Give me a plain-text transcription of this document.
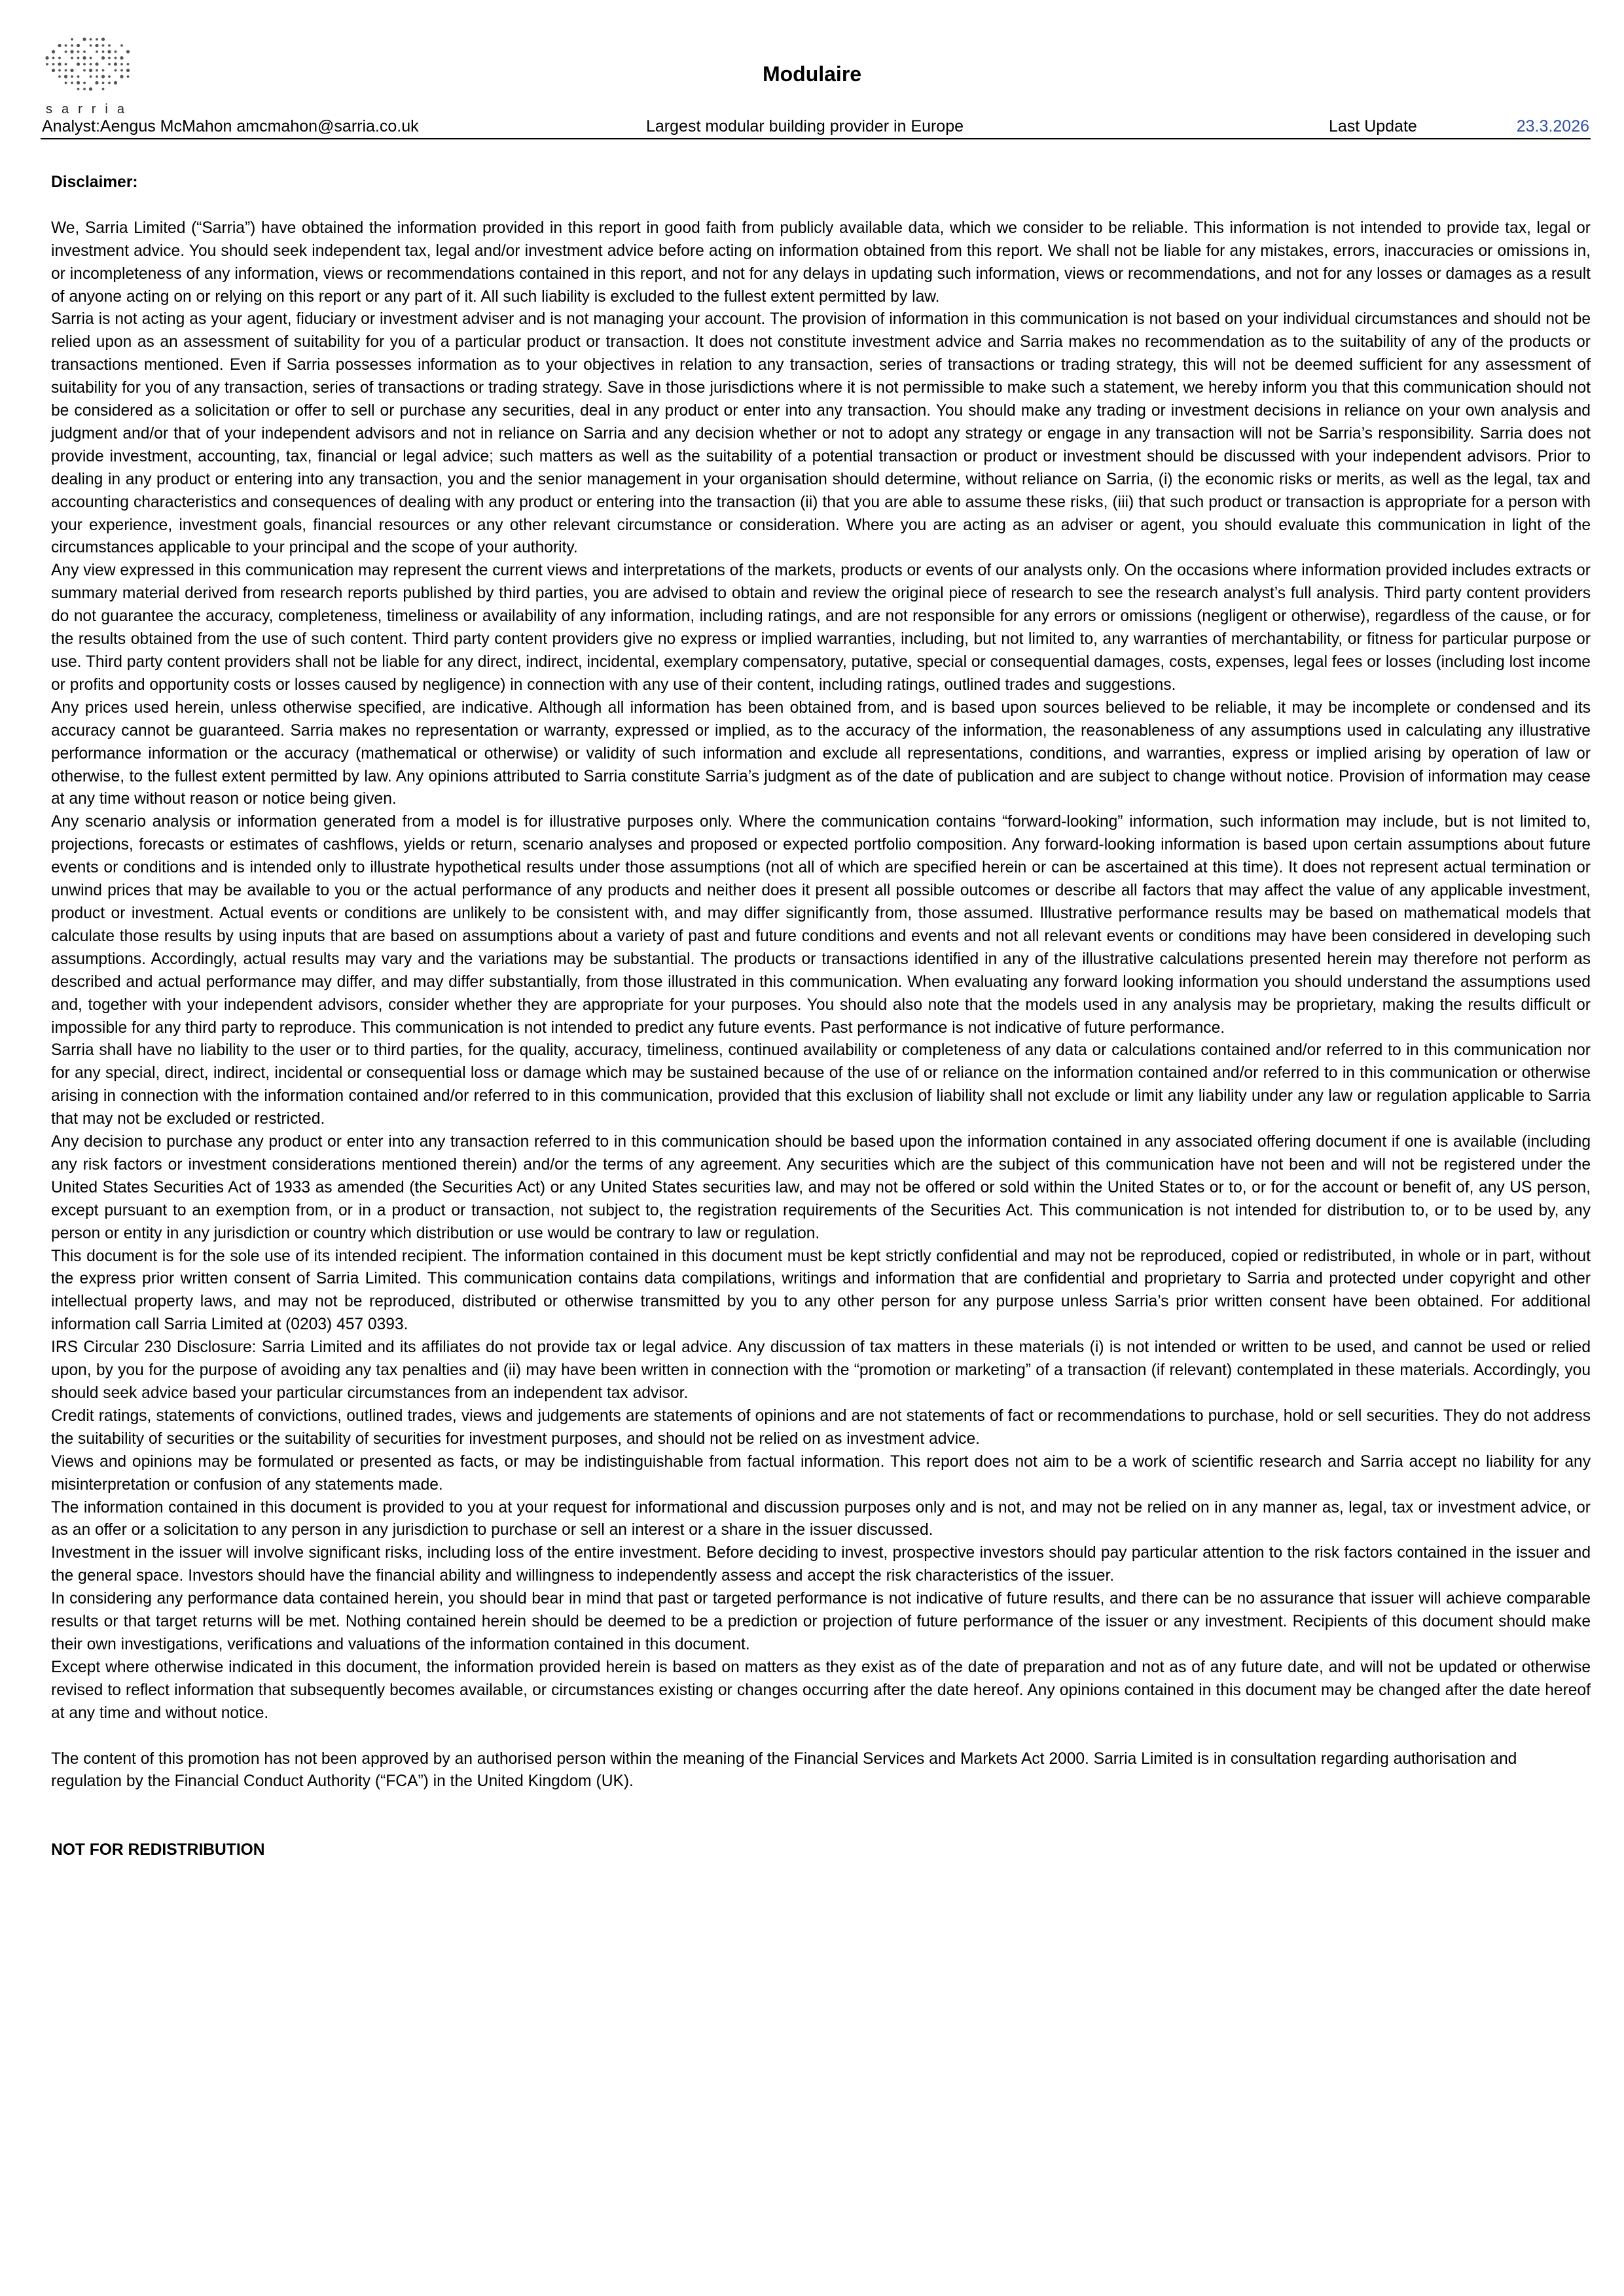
sarria
Modulaire
Analyst:Aengus McMahon amcmahon@sarria.co.uk	Largest modular building provider in Europe	Last Update	23.3.2026

Disclaimer:

We, Sarria Limited (“Sarria”) have obtained the information provided in this report in good faith from publicly available data, which we consider to be reliable. This information is not intended to provide tax, legal or investment advice. You should seek independent tax, legal and/or investment advice before acting on information obtained from this report. We shall not be liable for any mistakes, errors, inaccuracies or omissions in, or incompleteness of any information, views or recommendations contained in this report, and not for any delays in updating such information, views or recommendations, and not for any losses or damages as a result of anyone acting on or relying on this report or any part of it. All such liability is excluded to the fullest extent permitted by law.

Sarria is not acting as your agent, fiduciary or investment adviser and is not managing your account. The provision of information in this communication is not based on your individual circumstances and should not be relied upon as an assessment of suitability for you of a particular product or transaction. It does not constitute investment advice and Sarria makes no recommendation as to the suitability of any of the products or transactions mentioned. Even if Sarria possesses information as to your objectives in relation to any transaction, series of transactions or trading strategy, this will not be deemed sufficient for any assessment of suitability for you of any transaction, series of transactions or trading strategy. Save in those jurisdictions where it is not permissible to make such a statement, we hereby inform you that this communication should not be considered as a solicitation or offer to sell or purchase any securities, deal in any product or enter into any transaction. You should make any trading or investment decisions in reliance on your own analysis and judgment and/or that of your independent advisors and not in reliance on Sarria and any decision whether or not to adopt any strategy or engage in any transaction will not be Sarria’s responsibility. Sarria does not provide investment, accounting, tax, financial or legal advice; such matters as well as the suitability of a potential transaction or product or investment should be discussed with your independent advisors. Prior to dealing in any product or entering into any transaction, you and the senior management in your organisation should determine, without reliance on Sarria, (i) the economic risks or merits, as well as the legal, tax and accounting characteristics and consequences of dealing with any product or entering into the transaction (ii) that you are able to assume these risks, (iii) that such product or transaction is appropriate for a person with your experience, investment goals, financial resources or any other relevant circumstance or consideration. Where you are acting as an adviser or agent, you should evaluate this communication in light of the circumstances applicable to your principal and the scope of your authority.

Any view expressed in this communication may represent the current views and interpretations of the markets, products or events of our analysts only. On the occasions where information provided includes extracts or summary material derived from research reports published by third parties, you are advised to obtain and review the original piece of research to see the research analyst’s full analysis. Third party content providers do not guarantee the accuracy, completeness, timeliness or availability of any information, including ratings, and are not responsible for any errors or omissions (negligent or otherwise), regardless of the cause, or for the results obtained from the use of such content. Third party content providers give no express or implied warranties, including, but not limited to, any warranties of merchantability, or fitness for particular purpose or use. Third party content providers shall not be liable for any direct, indirect, incidental, exemplary compensatory, putative, special or consequential damages, costs, expenses, legal fees or losses (including lost income or profits and opportunity costs or losses caused by negligence) in connection with any use of their content, including ratings, outlined trades and suggestions.

Any prices used herein, unless otherwise specified, are indicative. Although all information has been obtained from, and is based upon sources believed to be reliable, it may be incomplete or condensed and its accuracy cannot be guaranteed. Sarria makes no representation or warranty, expressed or implied, as to the accuracy of the information, the reasonableness of any assumptions used in calculating any illustrative performance information or the accuracy (mathematical or otherwise) or validity of such information and exclude all representations, conditions, and warranties, express or implied arising by operation of law or otherwise, to the fullest extent permitted by law. Any opinions attributed to Sarria constitute Sarria’s judgment as of the date of publication and are subject to change without notice. Provision of information may cease at any time without reason or notice being given.

Any scenario analysis or information generated from a model is for illustrative purposes only. Where the communication contains “forward-looking” information, such information may include, but is not limited to, projections, forecasts or estimates of cashflows, yields or return, scenario analyses and proposed or expected portfolio composition. Any forward-looking information is based upon certain assumptions about future events or conditions and is intended only to illustrate hypothetical results under those assumptions (not all of which are specified herein or can be ascertained at this time). It does not represent actual termination or unwind prices that may be available to you or the actual performance of any products and neither does it present all possible outcomes or describe all factors that may affect the value of any applicable investment, product or investment. Actual events or conditions are unlikely to be consistent with, and may differ significantly from, those assumed. Illustrative performance results may be based on mathematical models that calculate those results by using inputs that are based on assumptions about a variety of past and future conditions and events and not all relevant events or conditions may have been considered in developing such assumptions. Accordingly, actual results may vary and the variations may be substantial. The products or transactions identified in any of the illustrative calculations presented herein may therefore not perform as described and actual performance may differ, and may differ substantially, from those illustrated in this communication. When evaluating any forward looking information you should understand the assumptions used and, together with your independent advisors, consider whether they are appropriate for your purposes. You should also note that the models used in any analysis may be proprietary, making the results difficult or impossible for any third party to reproduce. This communication is not intended to predict any future events. Past performance is not indicative of future performance.

Sarria shall have no liability to the user or to third parties, for the quality, accuracy, timeliness, continued availability or completeness of any data or calculations contained and/or referred to in this communication nor for any special, direct, indirect, incidental or consequential loss or damage which may be sustained because of the use of or reliance on the information contained and/or referred to in this communication or otherwise arising in connection with the information contained and/or referred to in this communication, provided that this exclusion of liability shall not exclude or limit any liability under any law or regulation applicable to Sarria that may not be excluded or restricted.

Any decision to purchase any product or enter into any transaction referred to in this communication should be based upon the information contained in any associated offering document if one is available (including any risk factors or investment considerations mentioned therein) and/or the terms of any agreement. Any securities which are the subject of this communication have not been and will not be registered under the United States Securities Act of 1933 as amended (the Securities Act) or any United States securities law, and may not be offered or sold within the United States or to, or for the account or benefit of, any US person, except pursuant to an exemption from, or in a product or transaction, not subject to, the registration requirements of the Securities Act. This communication is not intended for distribution to, or to be used by, any person or entity in any jurisdiction or country which distribution or use would be contrary to law or regulation.

This document is for the sole use of its intended recipient. The information contained in this document must be kept strictly confidential and may not be reproduced, copied or redistributed, in whole or in part, without the express prior written consent of Sarria Limited. This communication contains data compilations, writings and information that are confidential and proprietary to Sarria and protected under copyright and other intellectual property laws, and may not be reproduced, distributed or otherwise transmitted by you to any other person for any purpose unless Sarria’s prior written consent have been obtained. For additional information call Sarria Limited at (0203) 457 0393.

IRS Circular 230 Disclosure: Sarria Limited and its affiliates do not provide tax or legal advice. Any discussion of tax matters in these materials (i) is not intended or written to be used, and cannot be used or relied upon, by you for the purpose of avoiding any tax penalties and (ii) may have been written in connection with the “promotion or marketing” of a transaction (if relevant) contemplated in these materials. Accordingly, you should seek advice based your particular circumstances from an independent tax advisor.

Credit ratings, statements of convictions, outlined trades, views and judgements are statements of opinions and are not statements of fact or recommendations to purchase, hold or sell securities. They do not address the suitability of securities or the suitability of securities for investment purposes, and should not be relied on as investment advice.

Views and opinions may be formulated or presented as facts, or may be indistinguishable from factual information. This report does not aim to be a work of scientific research and Sarria accept no liability for any misinterpretation or confusion of any statements made.

The information contained in this document is provided to you at your request for informational and discussion purposes only and is not, and may not be relied on in any manner as, legal, tax or investment advice, or as an offer or a solicitation to any person in any jurisdiction to purchase or sell an interest or a share in the issuer discussed.

Investment in the issuer will involve significant risks, including loss of the entire investment. Before deciding to invest, prospective investors should pay particular attention to the risk factors contained in the issuer and the general space. Investors should have the financial ability and willingness to independently assess and accept the risk characteristics of the issuer.

In considering any performance data contained herein, you should bear in mind that past or targeted performance is not indicative of future results, and there can be no assurance that issuer will achieve comparable results or that target returns will be met. Nothing contained herein should be deemed to be a prediction or projection of future performance of the issuer or any investment. Recipients of this document should make their own investigations, verifications and valuations of the information contained in this document.

Except where otherwise indicated in this document, the information provided herein is based on matters as they exist as of the date of preparation and not as of any future date, and will not be updated or otherwise revised to reflect information that subsequently becomes available, or circumstances existing or changes occurring after the date hereof. Any opinions contained in this document may be changed after the date hereof at any time and without notice.

The content of this promotion has not been approved by an authorised person within the meaning of the Financial Services and Markets Act 2000. Sarria Limited is in consultation regarding authorisation and regulation by the Financial Conduct Authority (“FCA”) in the United Kingdom (UK).

NOT FOR REDISTRIBUTION
